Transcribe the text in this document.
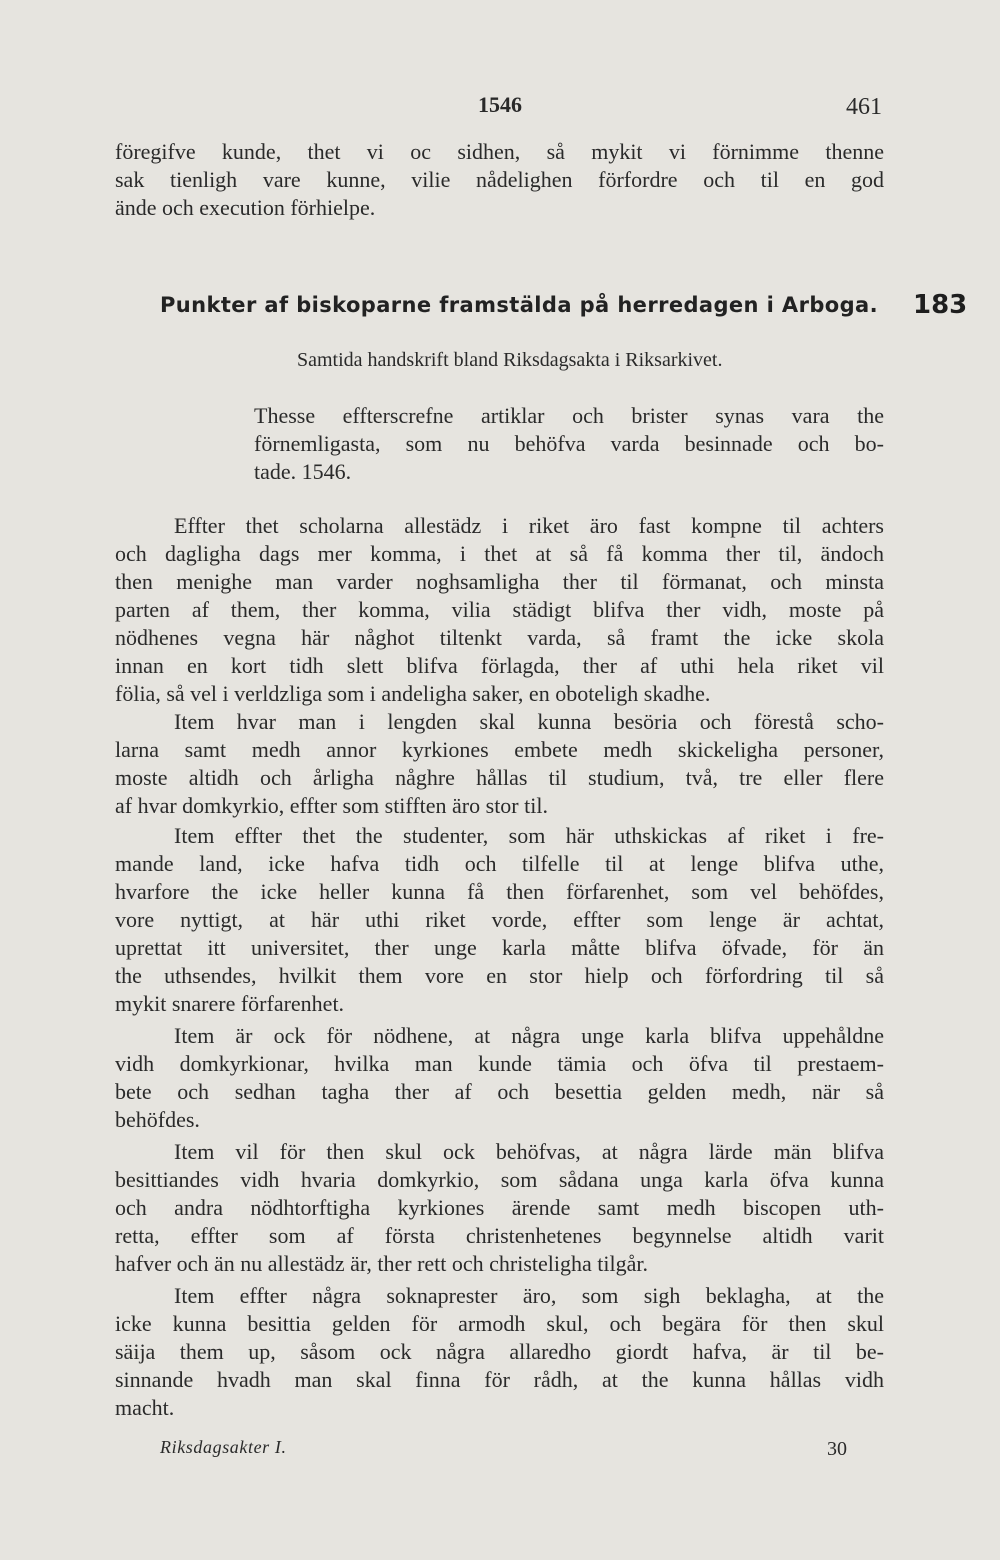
1546	461
föregifve kunde, thet vi oc sidhen, så mykit vi förnimme thenne
sak tienligh vare kunne, vilie nådelighen förfordre och til en god
ände och execution förhielpe.
Punkter af biskoparne framstälda på herredagen i Arboga. 183
Samtida handskrift bland Riksdagsakta i Riksarkivet.
Thesse effterscrefne artiklar och brister synas vara the
förnemligasta, som nu behöfva varda besinnade och bo-
tade. 1546.
Effter thet scholarna allestädz i riket äro fast kompne til achters
och dagligha dags mer komma, i thet at så få komma ther til, ändoch
then menighe man varder noghsamligha ther til förmanat, och minsta
parten af them, ther komma, vilia städigt blifva ther vidh, moste på
nödhenes vegna här någhot tiltenkt varda, så framt the icke skola
innan en kort tidh slett blifva förlagda, ther af uthi hela riket vil
fölia, så vel i verldzliga som i andeligha saker, en oboteligh skadhe.
Item hvar man i lengden skal kunna besöria och förestå scho-
larna samt medh annor kyrkiones embete medh skickeligha personer,
moste altidh och årligha någhre hållas til studium, två, tre eller flere
af hvar domkyrkio, effter som stifften äro stor til.
Item effter thet the studenter, som här uthskickas af riket i fre-
mande land, icke hafva tidh och tilfelle til at lenge blifva uthe,
hvarfore the icke heller kunna få then förfarenhet, som vel behöfdes,
vore nyttigt, at här uthi riket vorde, effter som lenge är achtat,
uprettat itt universitet, ther unge karla måtte blifva öfvade, för än
the uthsendes, hvilkit them vore en stor hielp och förfordring til så
mykit snarere förfarenhet.
Item är ock för nödhene, at några unge karla blifva uppehåldne
vidh domkyrkionar, hvilka man kunde tämia och öfva til prestaem-
bete och sedhan tagha ther af och besettia gelden medh, när så
behöfdes.
Item vil för then skul ock behöfvas, at några lärde män blifva
besittiandes vidh hvaria domkyrkio, som sådana unga karla öfva kunna
och andra nödhtorftigha kyrkiones ärende samt medh biscopen uth-
retta, effter som af första christenhetenes begynnelse altidh varit
hafver och än nu allestädz är, ther rett och christeligha tilgår.
Item effter några soknaprester äro, som sigh beklagha, at the
icke kunna besittia gelden för armodh skul, och begära för then skul
säija them up, såsom ock några allaredho giordt hafva, är til be-
sinnande hvadh man skal finna för rådh, at the kunna hållas vidh
macht.
Riksdagsakter I.	30
